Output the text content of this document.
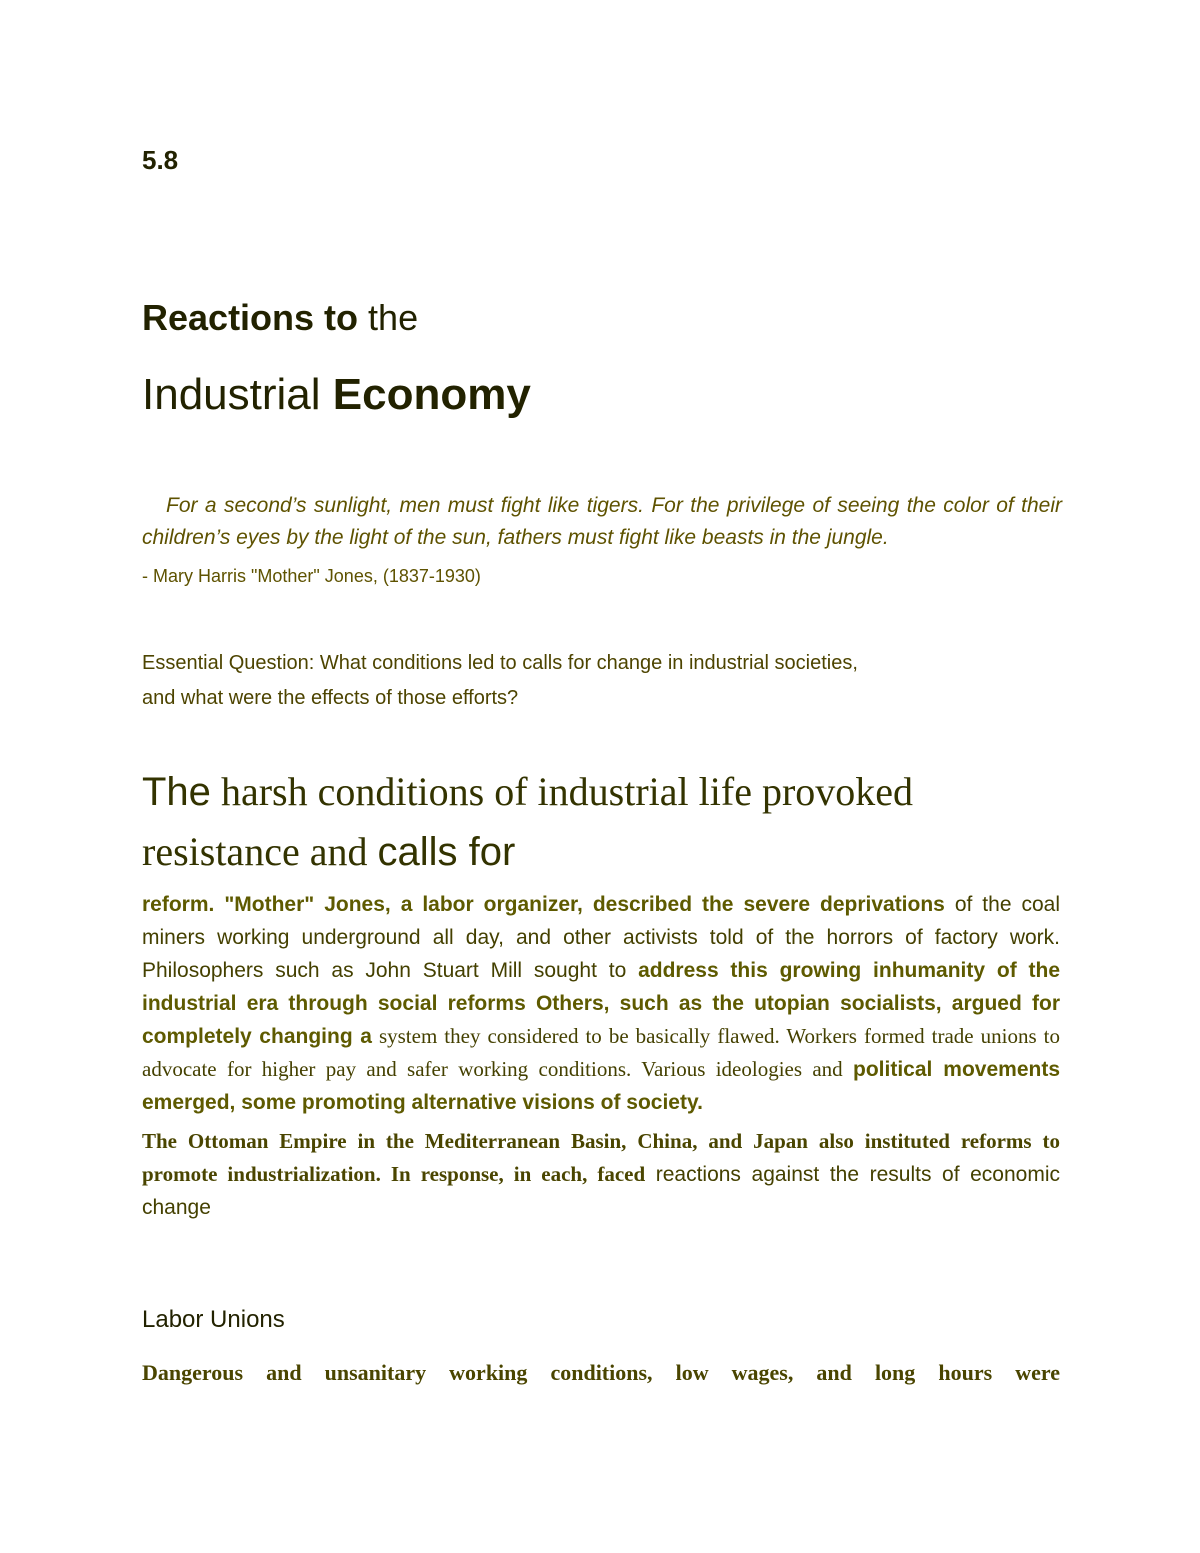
5.8
Reactions to the
Industrial Economy
For a second’s sunlight, men must fight like tigers. For the privilege of seeing the color of their children’s eyes by the light of the sun, fathers must fight like beasts in the jungle.
- Mary Harris "Mother" Jones, (1837-1930)
Essential Question: What conditions led to calls for change in industrial societies, and what were the effects of those efforts?
The harsh conditions of industrial life provoked resistance and calls for

reform. "Mother" Jones, a labor organizer, described the severe deprivations of the coal miners working underground all day, and other activists told of the horrors of factory work. Philosophers such as John Stuart Mill sought to address this growing inhumanity of the industrial era through social reforms Others, such as the utopian socialists, argued for completely changing a system they considered to be basically flawed. Workers formed trade unions to advocate for higher pay and safer working conditions. Various ideologies and political movements emerged, some promoting alternative visions of society.

The Ottoman Empire in the Mediterranean Basin, China, and Japan also instituted reforms to promote industrialization. In response, in each, faced reactions against the results of economic change

Labor Unions
Dangerous and unsanitary working conditions, low wages, and long hours were
